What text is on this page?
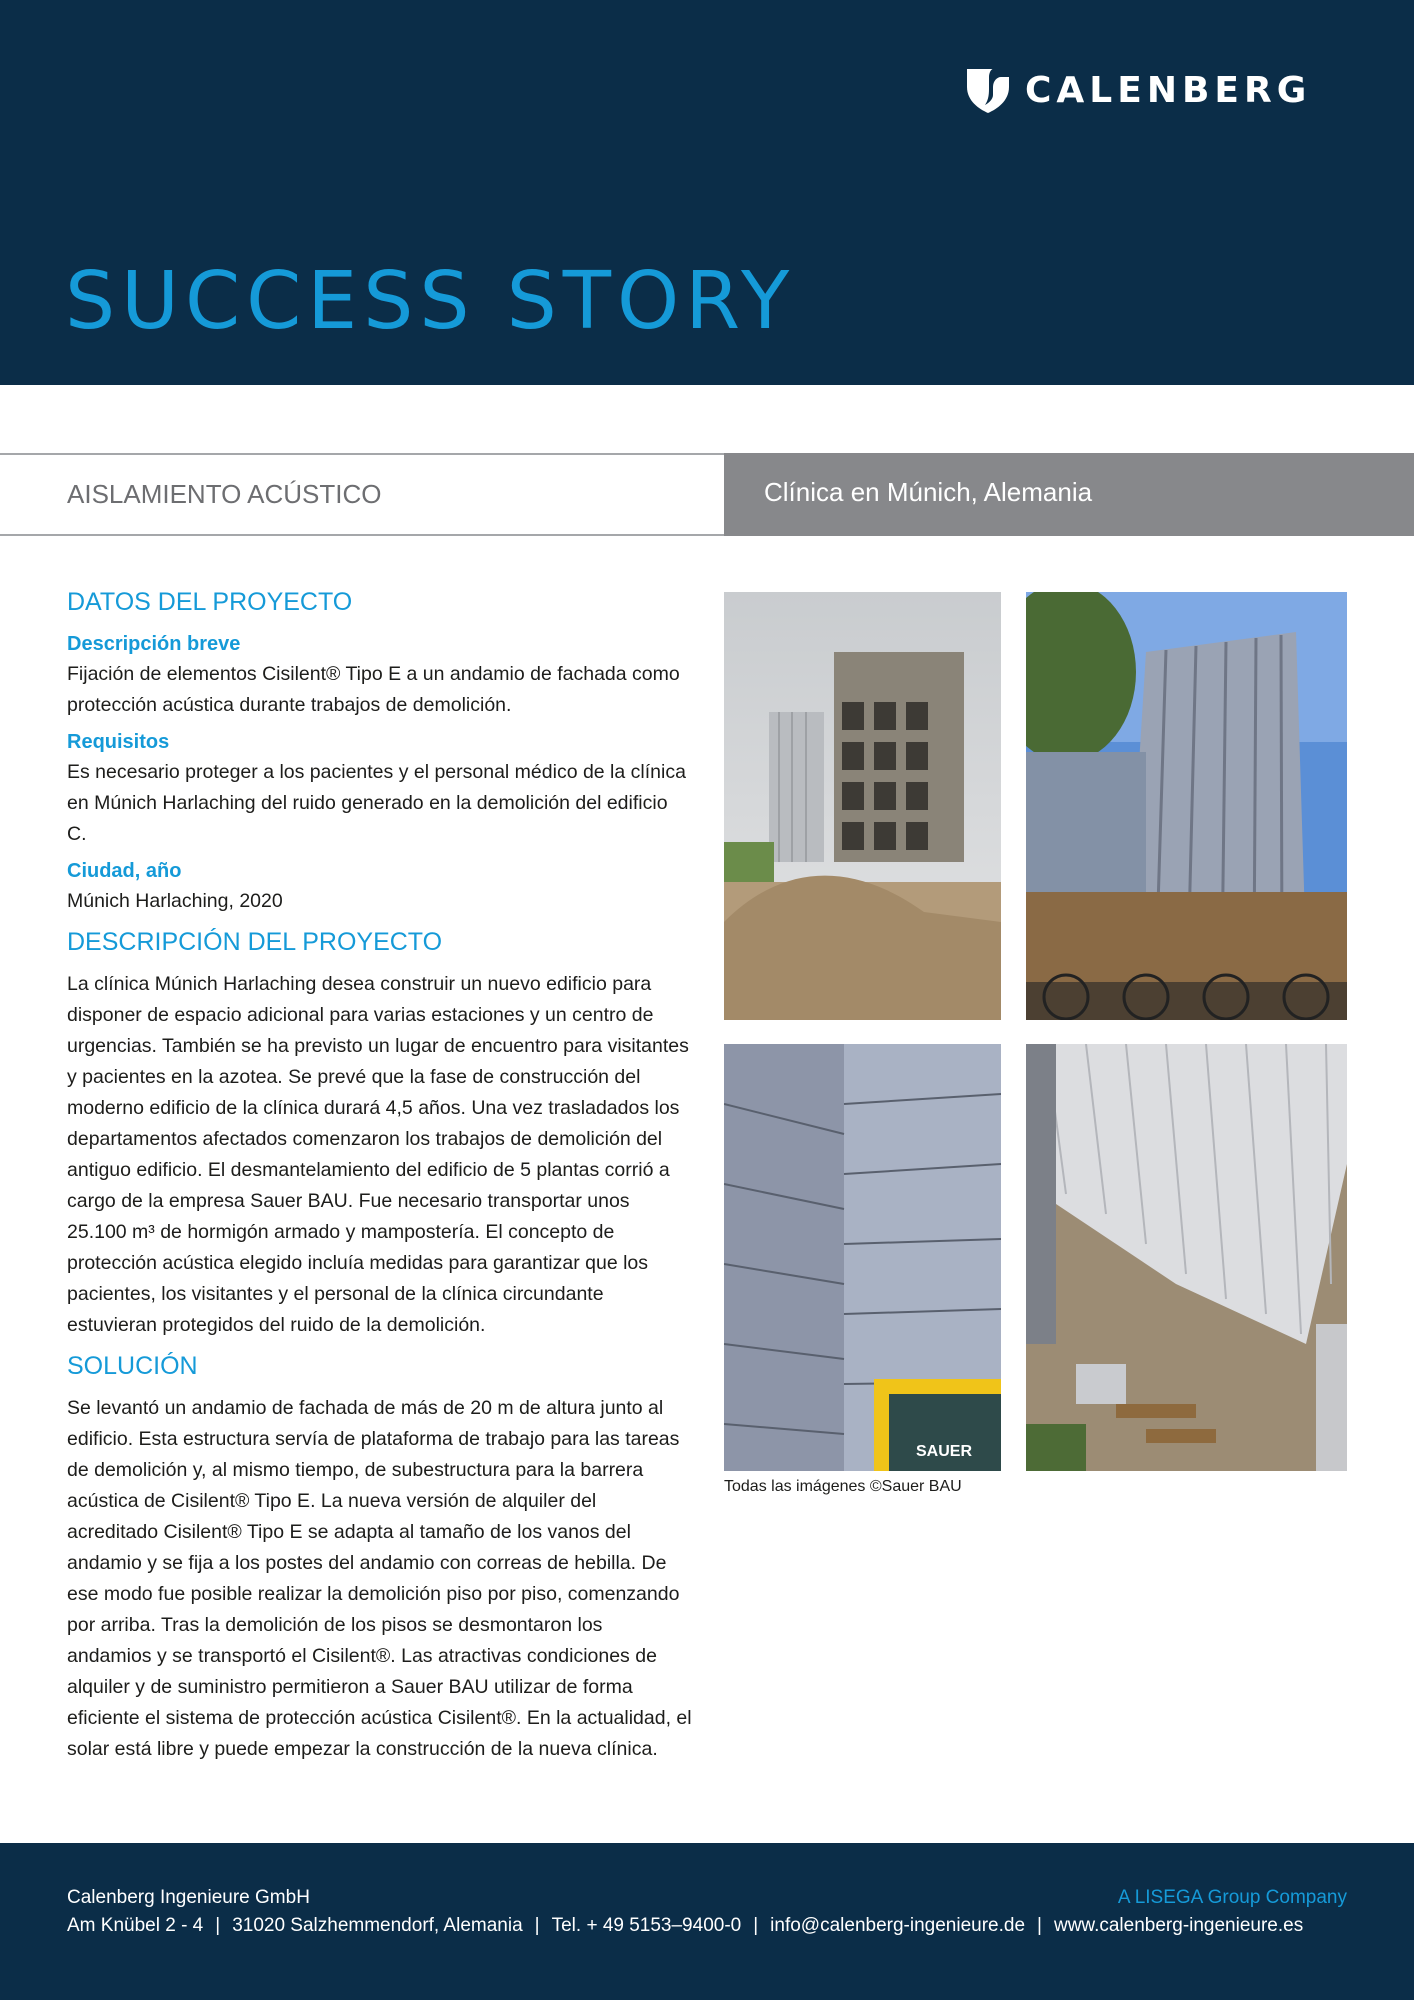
CALENBERG
SUCCESS STORY
AISLAMIENTO ACÚSTICO	Clínica en Múnich, Alemania
DATOS DEL PROYECTO
Descripción breve

Fijación de elementos Cisilent® Tipo E a un andamio de fachada como protección acústica durante trabajos de demolición.

Requisitos

Es necesario proteger a los pacientes y el personal médico de la clínica en Múnich Harlaching del ruido generado en la demolición del edificio C.

Ciudad, año

Múnich Harlaching, 2020

DESCRIPCIÓN DEL PROYECTO

La clínica Múnich Harlaching desea construir un nuevo edificio para disponer de espacio adicional para varias estaciones y un centro de urgencias. También se ha previsto un lugar de encuentro para visitantes y pacientes en la azotea. Se prevé que la fase de construcción del moderno edificio de la clínica durará 4,5 años. Una vez trasladados los departamentos afectados comenzaron los trabajos de demolición del antiguo edificio. El desmantelamiento del edificio de 5 plantas corrió a cargo de la empresa Sauer BAU. Fue necesario transportar unos 25.100 m³ de hormigón armado y mampostería. El concepto de protección acústica elegido incluía medidas para garantizar que los pacientes, los visitantes y el personal de la clínica circundante estuvieran protegidos del ruido de la demolición.

SOLUCIÓN

Se levantó un andamio de fachada de más de 20 m de altura junto al edificio. Esta estructura servía de plataforma de trabajo para las tareas de demolición y, al mismo tiempo, de subestructura para la barrera acústica de Cisilent® Tipo E. La nueva versión de alquiler del acreditado Cisilent® Tipo E se adapta al tamaño de los vanos del andamio y se fija a los postes del andamio con correas de hebilla. De ese modo fue posible realizar la demolición piso por piso, comenzando por arriba. Tras la demolición de los pisos se desmontaron los andamios y se transportó el Cisilent®. Las atractivas condiciones de alquiler y de suministro permitieron a Sauer BAU utilizar de forma eficiente el sistema de protección acústica Cisilent®. En la actualidad, el solar está libre y puede empezar la construcción de la nueva clínica.

SAUER
Todas las imágenes ©Sauer BAU
Calenberg Ingenieure GmbH	A LISEGA Group Company
Am Knübel 2 - 4 | 31020 Salzhemmendorf, Alemania | Tel. + 49 5153–9400-0 | info@calenberg-ingenieure.de | www.calenberg-ingenieure.es
